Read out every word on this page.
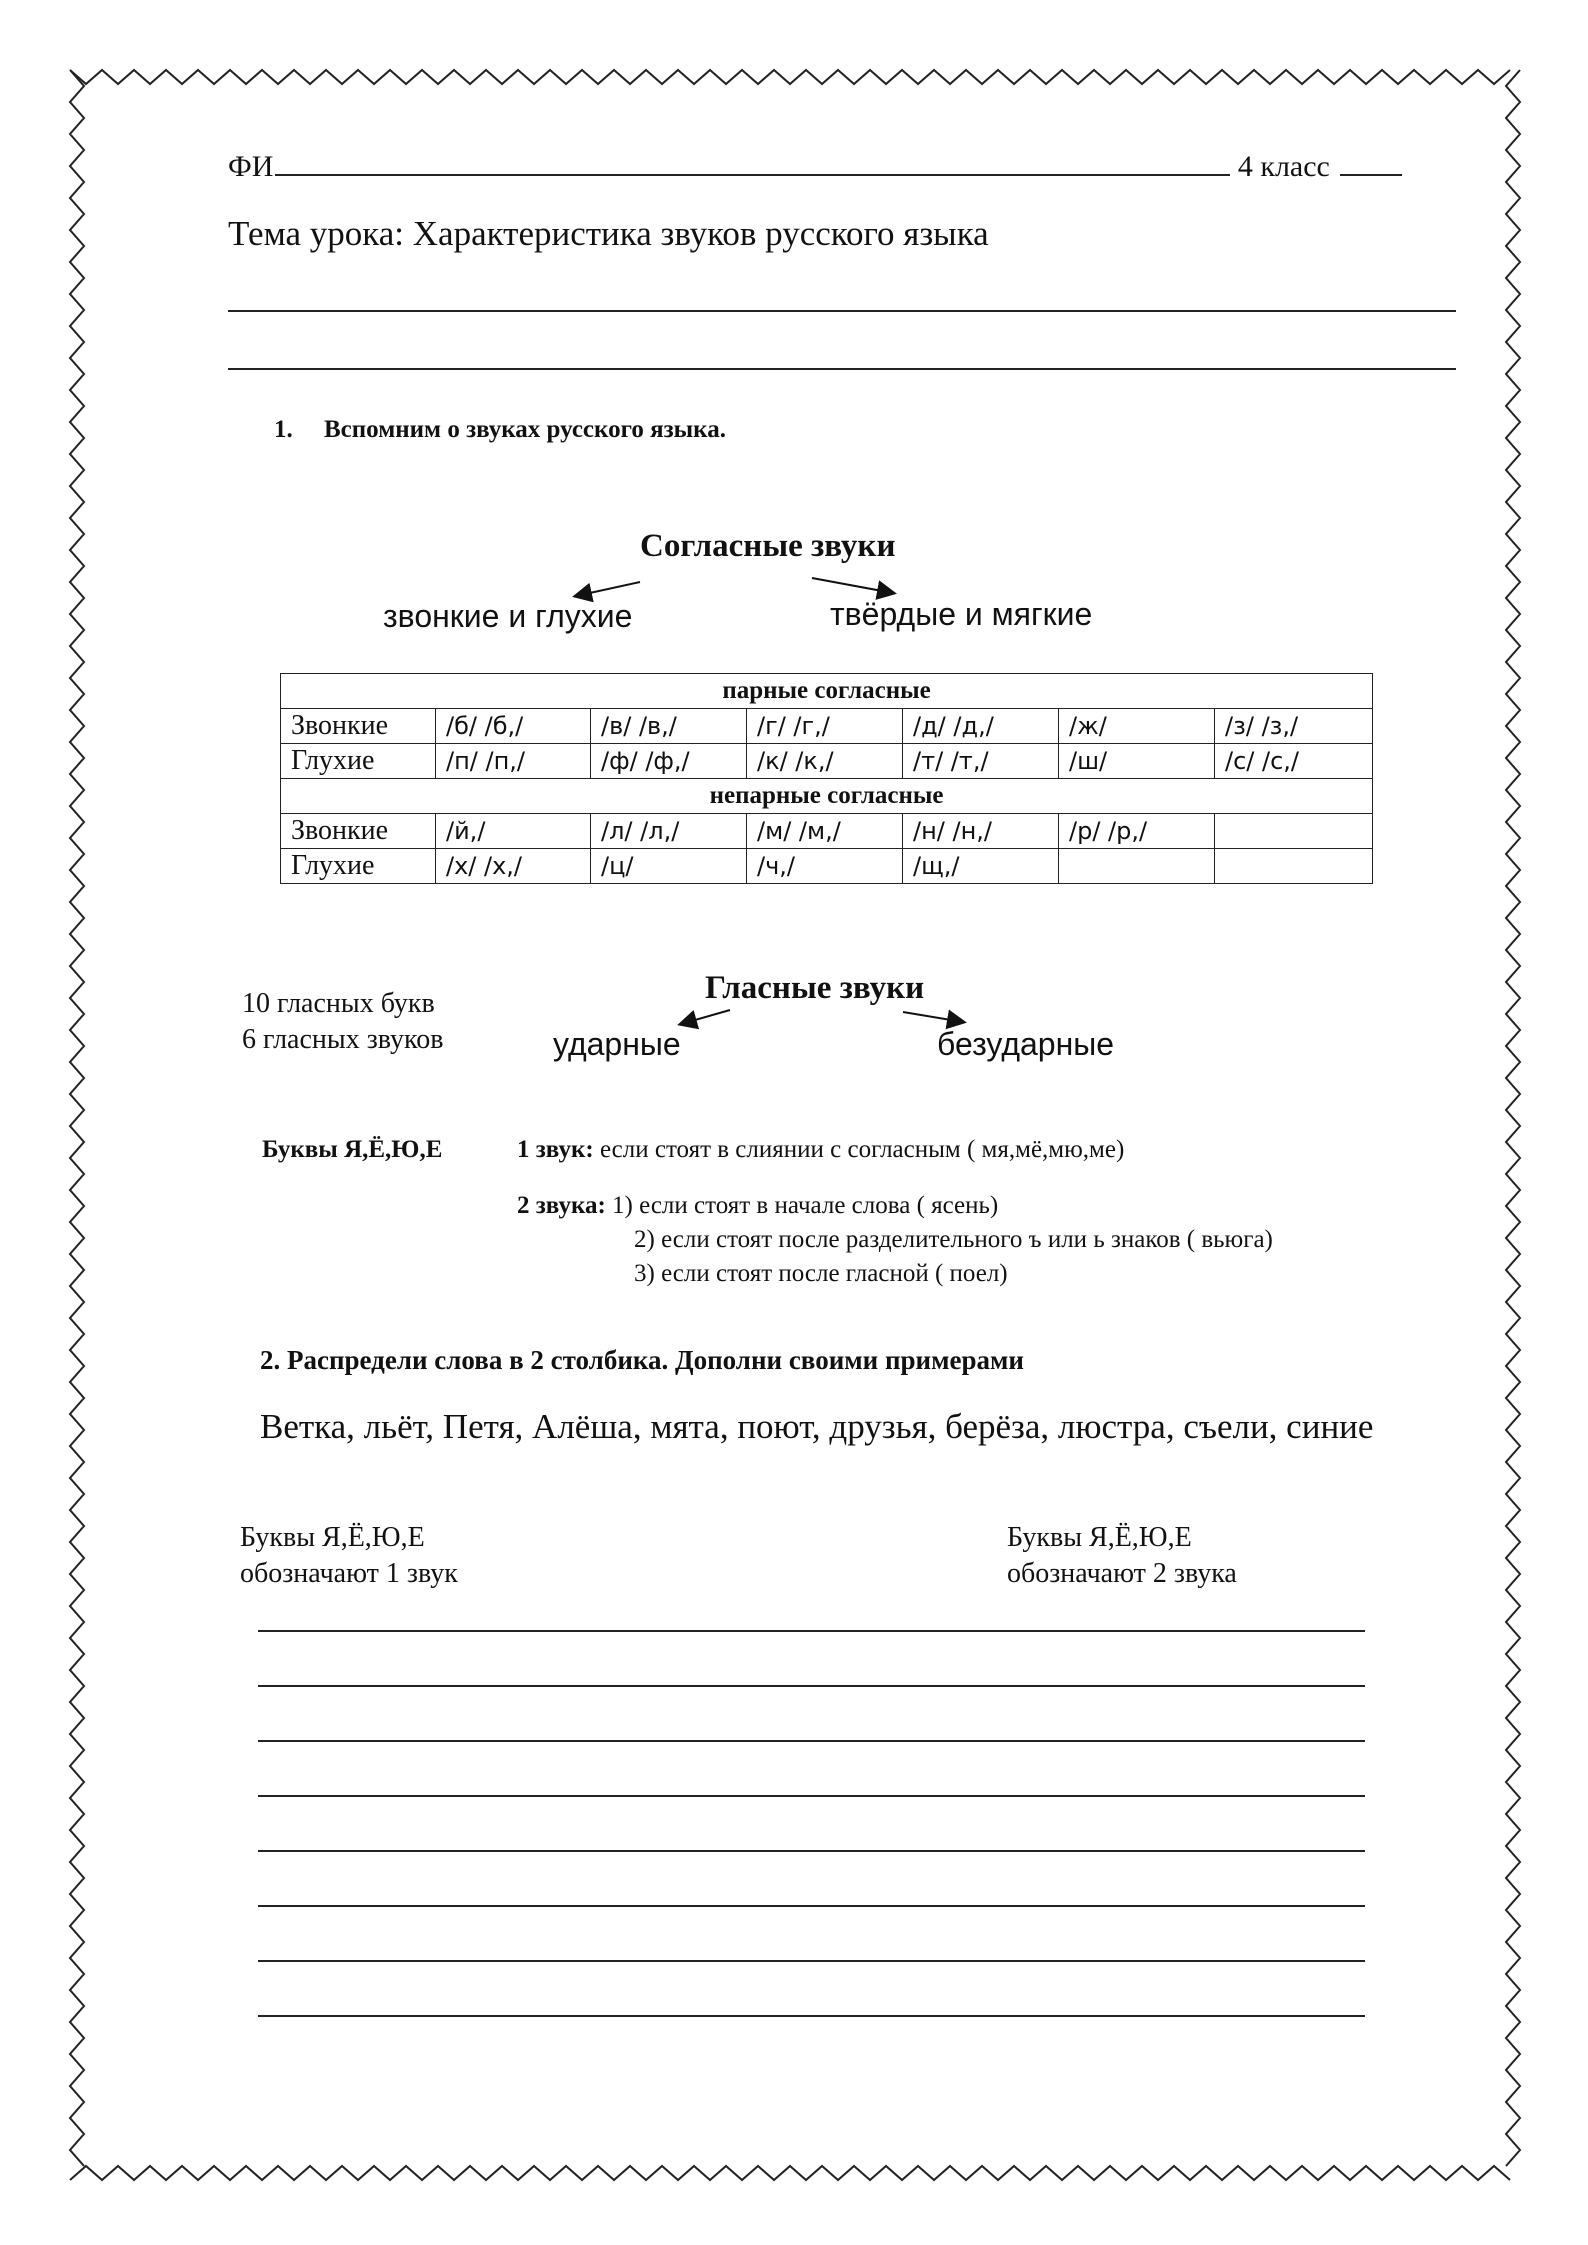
ФИ	4 класс
Тема урока: Характеристика звуков русского языка
1. Вспомним о звуках русского языка.
Согласные звуки
звонкие и глухие	твёрдые и мягкие
парные согласные						
Звонкие	/б/ /б,/	/в/ /в,/	/г/ /г,/	/д/ /д,/	/ж/	/з/ /з,/
Глухие	/п/ /п,/	/ф/ /ф,/	/к/ /к,/	/т/ /т,/	/ш/	/с/ /с,/
непарные согласные						
Звонкие	/й,/	/л/ /л,/	/м/ /м,/	/н/ /н,/	/р/ /р,/	
Глухие	/х/ /х,/	/ц/	/ч,/	/щ,/		
10 гласных букв
6 гласных звуков
Гласные звуки
ударные	безударные
Буквы Я,Ё,Ю,Е	1 звук: если стоят в слиянии с согласным ( мя,мё,мю,ме)
2 звука: 1) если стоят в начале слова ( ясень)
2) если стоят после разделительного ъ или ь знаков ( вьюга)
3) если стоят после гласной ( поел)
2. Распредели слова в 2 столбика. Дополни своими примерами
Ветка, льёт, Петя, Алёша, мята, поют, друзья, берёза, люстра, съели, синие
Буквы Я,Ё,Ю,Е
обозначают 1 звук
Буквы Я,Ё,Ю,Е
обозначают 2 звука
